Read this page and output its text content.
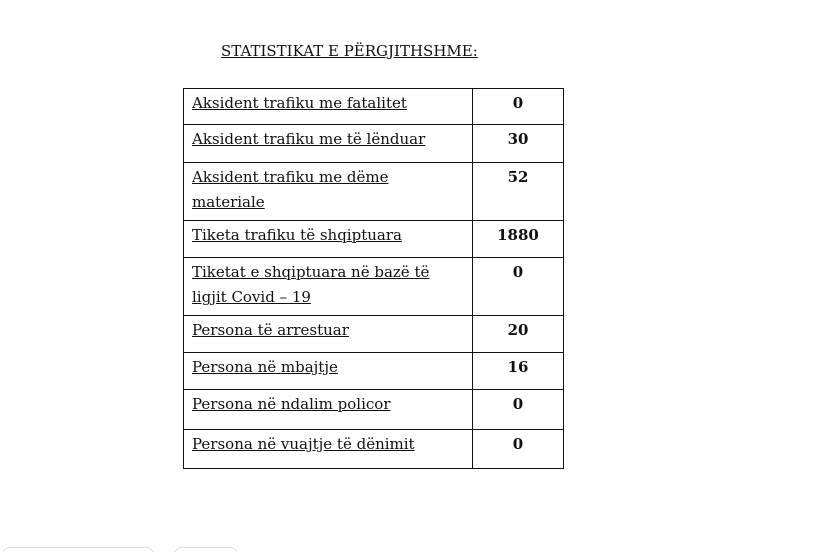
STATISTIKAT E PËRGJITHSHME:
Aksident trafiku me fatalitet	0
Aksident trafiku me të lënduar	30
Aksident trafiku me dëme materiale	52
Tiketa trafiku të shqiptuara	1880
Tiketat e shqiptuara në bazë të ligjit Covid – 19	0
Persona të arrestuar	20
Persona në mbajtje	16
Persona në ndalim policor	0
Persona në vuajtje të dënimit	0
